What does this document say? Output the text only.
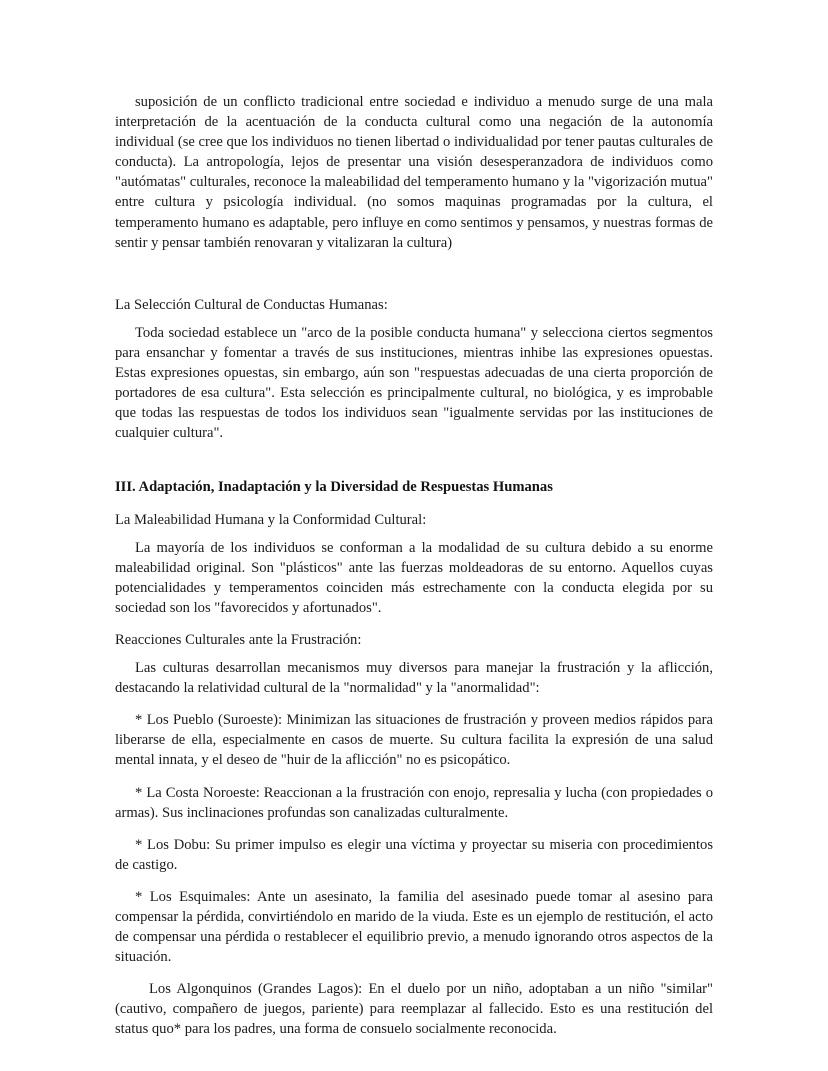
suposición de un conflicto tradicional entre sociedad e individuo a menudo surge de una mala interpretación de la acentuación de la conducta cultural como una negación de la autonomía individual (se cree que los individuos no tienen libertad o individualidad por tener pautas culturales de conducta). La antropología, lejos de presentar una visión desesperanzadora de individuos como "autómatas" culturales, reconoce la maleabilidad del temperamento humano y la "vigorización mutua" entre cultura y psicología individual. (no somos maquinas programadas por la cultura, el temperamento humano es adaptable, pero influye en como sentimos y pensamos, y nuestras formas de sentir y pensar también renovaran y vitalizaran la cultura)

La Selección Cultural de Conductas Humanas:

Toda sociedad establece un "arco de la posible conducta humana" y selecciona ciertos segmentos para ensanchar y fomentar a través de sus instituciones, mientras inhibe las expresiones opuestas. Estas expresiones opuestas, sin embargo, aún son "respuestas adecuadas de una cierta proporción de portadores de esa cultura". Esta selección es principalmente cultural, no biológica, y es improbable que todas las respuestas de todos los individuos sean "igualmente servidas por las instituciones de cualquier cultura".

III. Adaptación, Inadaptación y la Diversidad de Respuestas Humanas

La Maleabilidad Humana y la Conformidad Cultural:

La mayoría de los individuos se conforman a la modalidad de su cultura debido a su enorme maleabilidad original. Son "plásticos" ante las fuerzas moldeadoras de su entorno. Aquellos cuyas potencialidades y temperamentos coinciden más estrechamente con la conducta elegida por su sociedad son los "favorecidos y afortunados".

Reacciones Culturales ante la Frustración:

Las culturas desarrollan mecanismos muy diversos para manejar la frustración y la aflicción, destacando la relatividad cultural de la "normalidad" y la "anormalidad":

* Los Pueblo (Suroeste): Minimizan las situaciones de frustración y proveen medios rápidos para liberarse de ella, especialmente en casos de muerte. Su cultura facilita la expresión de una salud mental innata, y el deseo de "huir de la aflicción" no es psicopático.

* La Costa Noroeste: Reaccionan a la frustración con enojo, represalia y lucha (con propiedades o armas). Sus inclinaciones profundas son canalizadas culturalmente.

* Los Dobu: Su primer impulso es elegir una víctima y proyectar su miseria con procedimientos de castigo.

* Los Esquimales: Ante un asesinato, la familia del asesinado puede tomar al asesino para compensar la pérdida, convirtiéndolo en marido de la viuda. Este es un ejemplo de restitución, el acto de compensar una pérdida o restablecer el equilibrio previo, a menudo ignorando otros aspectos de la situación.

Los Algonquinos (Grandes Lagos): En el duelo por un niño, adoptaban a un niño "similar" (cautivo, compañero de juegos, pariente) para reemplazar al fallecido. Esto es una restitución del status quo* para los padres, una forma de consuelo socialmente reconocida.
